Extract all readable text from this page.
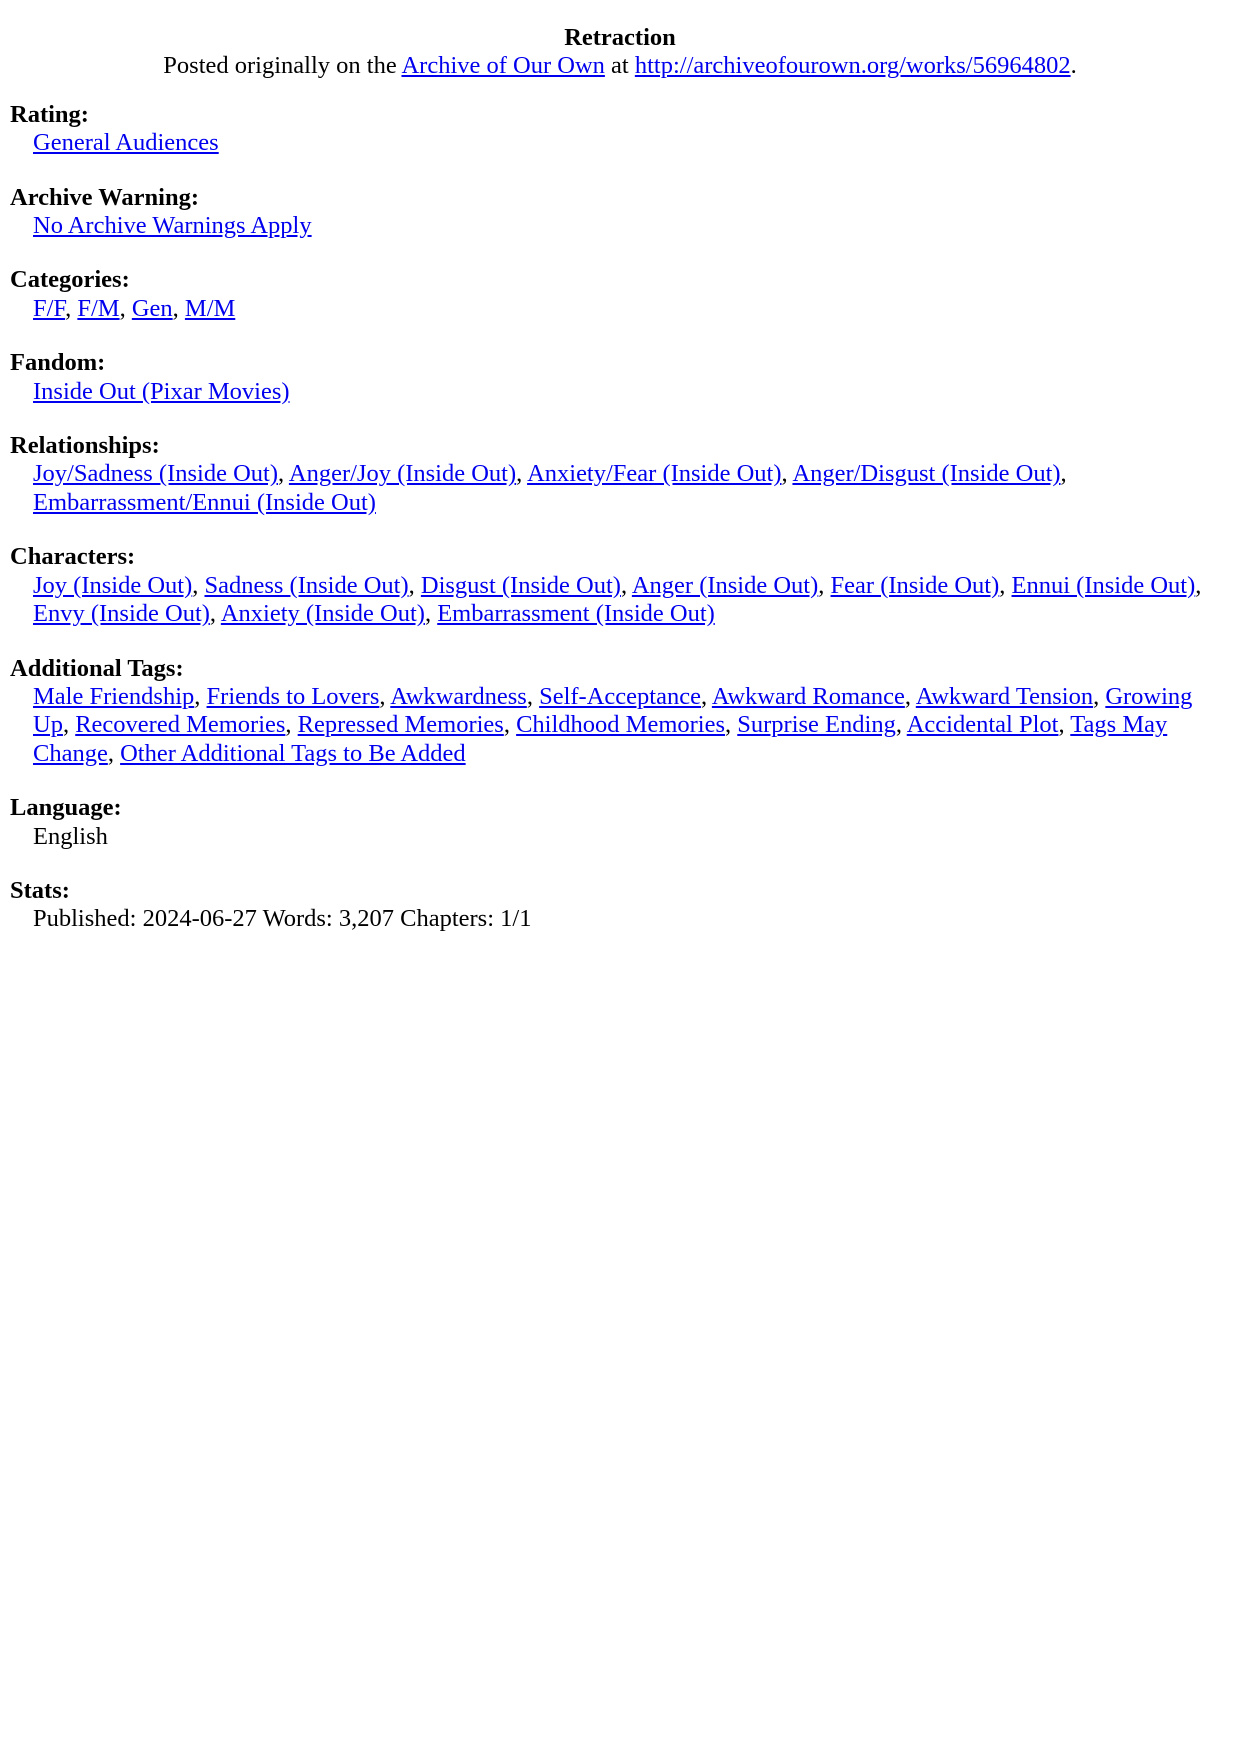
Retraction
Posted originally on the Archive of Our Own at http://archiveofourown.org/works/56964802.
Rating:
General Audiences
Archive Warning:
No Archive Warnings Apply
Categories:
F/F, F/M, Gen, M/M
Fandom:
Inside Out (Pixar Movies)
Relationships:
Joy/Sadness (Inside Out), Anger/Joy (Inside Out), Anxiety/Fear (Inside Out), Anger/Disgust (Inside Out), Embarrassment/Ennui (Inside Out)
Characters:
Joy (Inside Out), Sadness (Inside Out), Disgust (Inside Out), Anger (Inside Out), Fear (Inside Out), Ennui (Inside Out), Envy (Inside Out), Anxiety (Inside Out), Embarrassment (Inside Out)
Additional Tags:
Male Friendship, Friends to Lovers, Awkwardness, Self-Acceptance, Awkward Romance, Awkward Tension, Growing Up, Recovered Memories, Repressed Memories, Childhood Memories, Surprise Ending, Accidental Plot, Tags May Change, Other Additional Tags to Be Added
Language:
English
Stats:
Published: 2024-06-27 Words: 3,207 Chapters: 1/1
